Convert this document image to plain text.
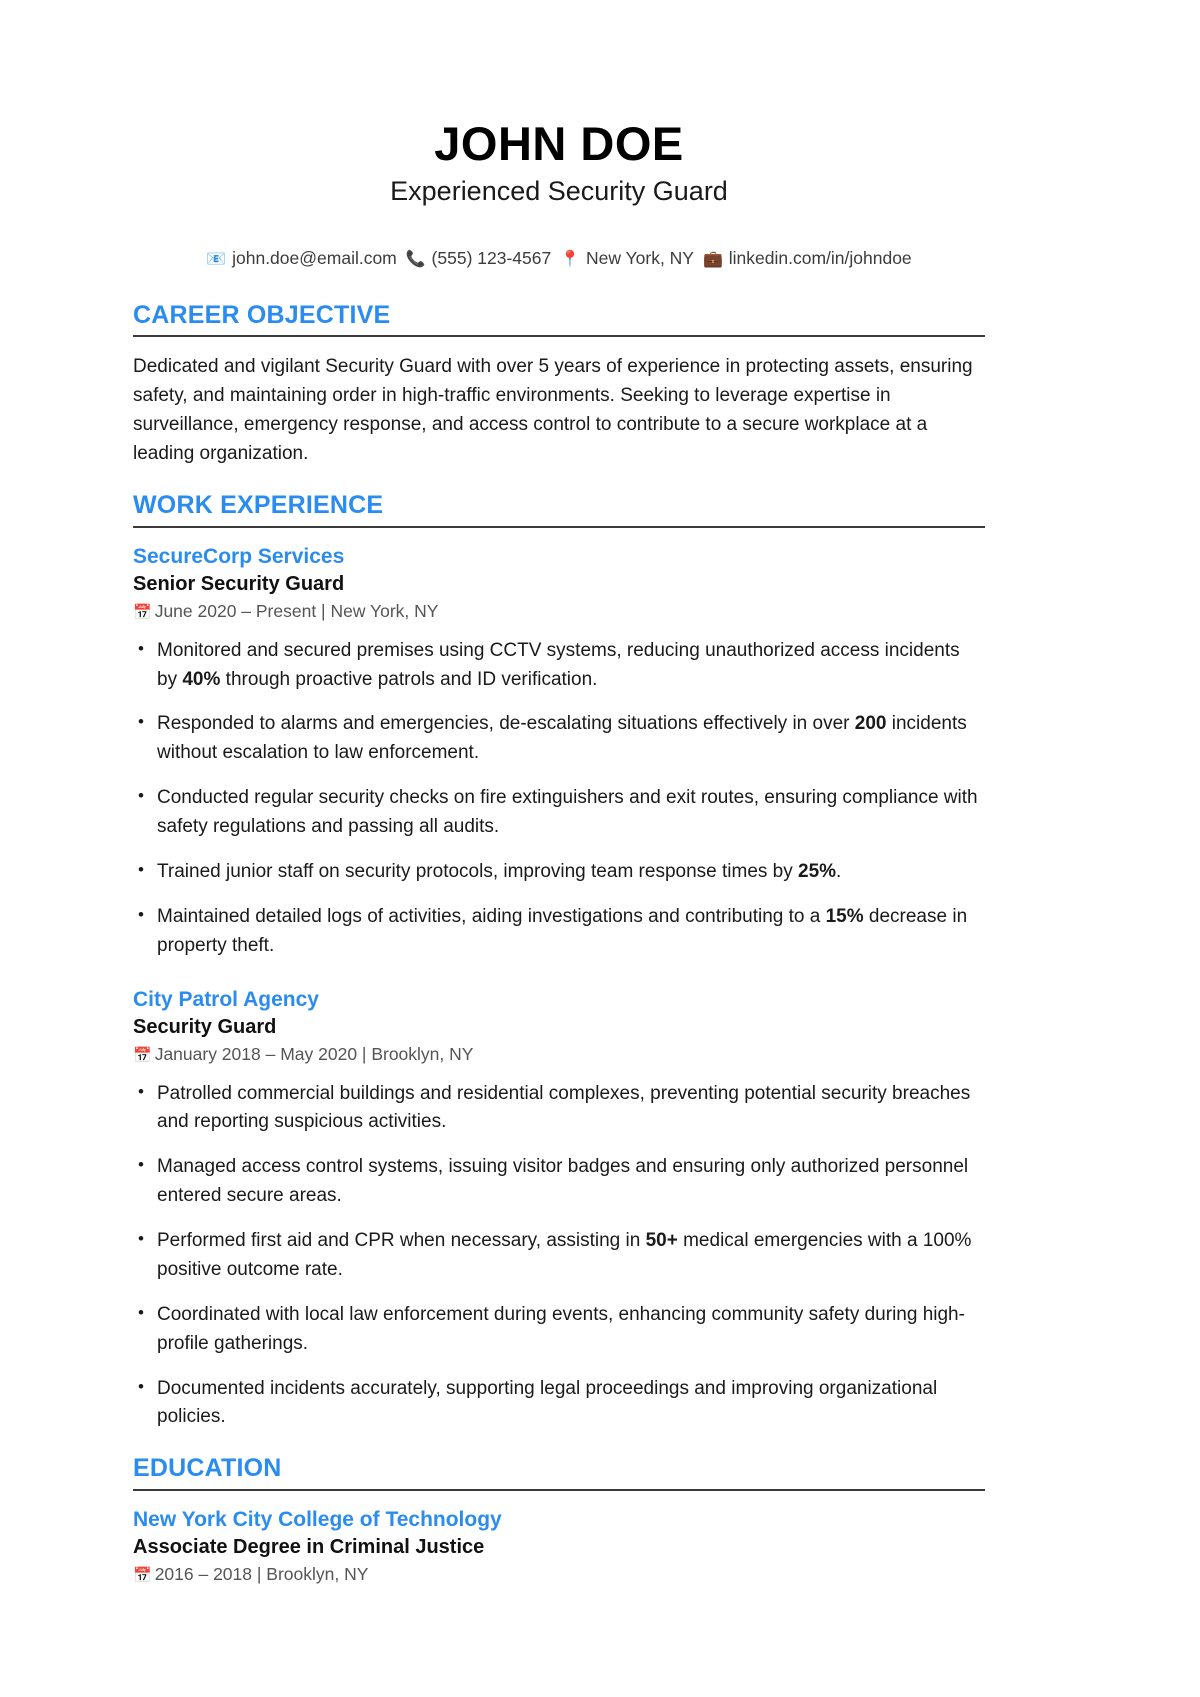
JOHN DOE
Experienced Security Guard
📧 john.doe@email.com 📞 (555) 123-4567 📍 New York, NY 💼 linkedin.com/in/johndoe
CAREER OBJECTIVE

Dedicated and vigilant Security Guard with over 5 years of experience in protecting assets, ensuring safety, and maintaining order in high-traffic environments. Seeking to leverage expertise in surveillance, emergency response, and access control to contribute to a secure workplace at a leading organization.

WORK EXPERIENCE
SecureCorp Services
Senior Security Guard
📅 June 2020 – Present | New York, NY
• Monitored and secured premises using CCTV systems, reducing unauthorized access incidents by 40% through proactive patrols and ID verification.
• Responded to alarms and emergencies, de-escalating situations effectively in over 200 incidents without escalation to law enforcement.
• Conducted regular security checks on fire extinguishers and exit routes, ensuring compliance with safety regulations and passing all audits.
• Trained junior staff on security protocols, improving team response times by 25%.
• Maintained detailed logs of activities, aiding investigations and contributing to a 15% decrease in property theft.
City Patrol Agency
Security Guard
📅 January 2018 – May 2020 | Brooklyn, NY
• Patrolled commercial buildings and residential complexes, preventing potential security breaches and reporting suspicious activities.
• Managed access control systems, issuing visitor badges and ensuring only authorized personnel entered secure areas.
• Performed first aid and CPR when necessary, assisting in 50+ medical emergencies with a 100% positive outcome rate.
• Coordinated with local law enforcement during events, enhancing community safety during high-profile gatherings.
• Documented incidents accurately, supporting legal proceedings and improving organizational policies.
EDUCATION
New York City College of Technology
Associate Degree in Criminal Justice
📅 2016 – 2018 | Brooklyn, NY
